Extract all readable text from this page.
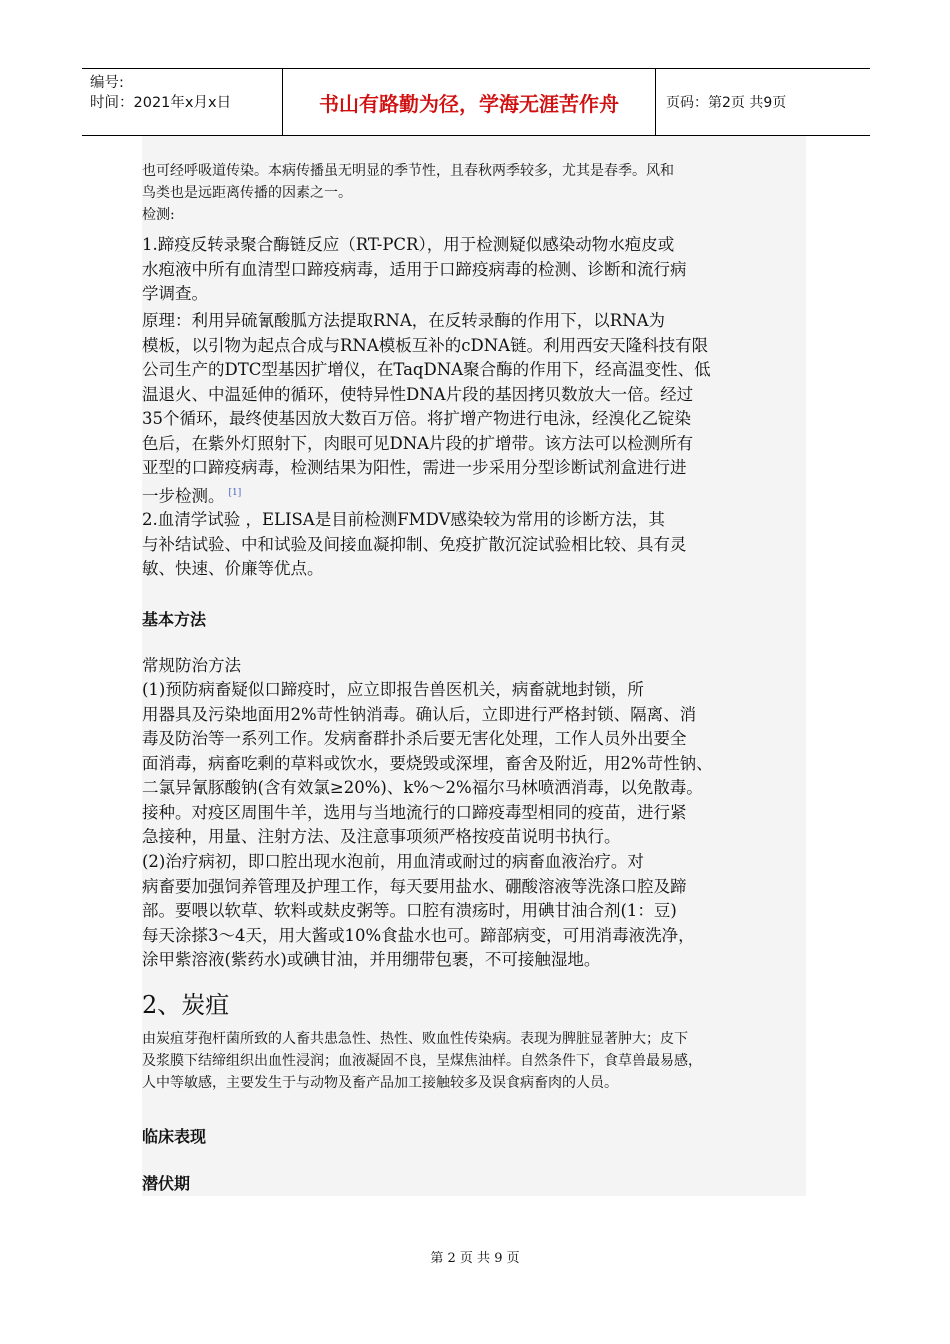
编号:
时间：2021年x月x日	书山有路勤为径，学海无涯苦作舟	页码：第2页 共9页
也可经呼吸道传染。本病传播虽无明显的季节性，且春秋两季较多，尤其是春季。风和
鸟类也是远距离传播的因素之一。
检测:
1.蹄疫反转录聚合酶链反应（RT-PCR），用于检测疑似感染动物水疱皮或
水疱液中所有血清型口蹄疫病毒，适用于口蹄疫病毒的检测、诊断和流行病
学调查。
原理：利用异硫氰酸胍方法提取RNA，在反转录酶的作用下，以RNA为
模板，以引物为起点合成与RNA模板互补的cDNA链。利用西安天隆科技有限
公司生产的DTC型基因扩增仪，在TaqDNA聚合酶的作用下，经高温变性、低
温退火、中温延伸的循环，使特异性DNA片段的基因拷贝数放大一倍。经过
35个循环，最终使基因放大数百万倍。将扩增产物进行电泳，经溴化乙锭染
色后，在紫外灯照射下，肉眼可见DNA片段的扩增带。该方法可以检测所有
亚型的口蹄疫病毒，检测结果为阳性，需进一步采用分型诊断试剂盒进行进
一步检测。 [1]
2.血清学试验 ，ELISA是目前检测FMDV感染较为常用的诊断方法，其
与补结试验、中和试验及间接血凝抑制、免疫扩散沉淀试验相比较、具有灵
敏、快速、价廉等优点。
基本方法
常规防治方法
(1)预防病畜疑似口蹄疫时，应立即报告兽医机关，病畜就地封锁，所
用器具及污染地面用2%苛性钠消毒。确认后，立即进行严格封锁、隔离、消
毒及防治等一系列工作。发病畜群扑杀后要无害化处理，工作人员外出要全
面消毒，病畜吃剩的草料或饮水，要烧毁或深埋，畜舍及附近，用2%苛性钠、
二氯异氰豚酸钠(含有效氯≥20%)、k%～2%福尔马林喷洒消毒，以免散毒。
接种。对疫区周围牛羊，选用与当地流行的口蹄疫毒型相同的疫苗，进行紧
急接种，用量、注射方法、及注意事项须严格按疫苗说明书执行。
(2)治疗病初，即口腔出现水泡前，用血清或耐过的病畜血液治疗。对
病畜要加强饲养管理及护理工作，每天要用盐水、硼酸溶液等洗涤口腔及蹄
部。要喂以软草、软料或麸皮粥等。口腔有溃疡时，用碘甘油合剂(1：豆)
每天涂搽3～4天，用大酱或10%食盐水也可。蹄部病变，可用消毒液洗净，
涂甲紫溶液(紫药水)或碘甘油，并用绷带包裹，不可接触湿地。
2、炭疽
由炭疽芽孢杆菌所致的人畜共患急性、热性、败血性传染病。表现为脾脏显著肿大；皮下
及浆膜下结缔组织出血性浸润；血液凝固不良，呈煤焦油样。自然条件下，食草兽最易感，
人中等敏感，主要发生于与动物及畜产品加工接触较多及误食病畜肉的人员。
临床表现
潜伏期
第 2 页 共 9 页
